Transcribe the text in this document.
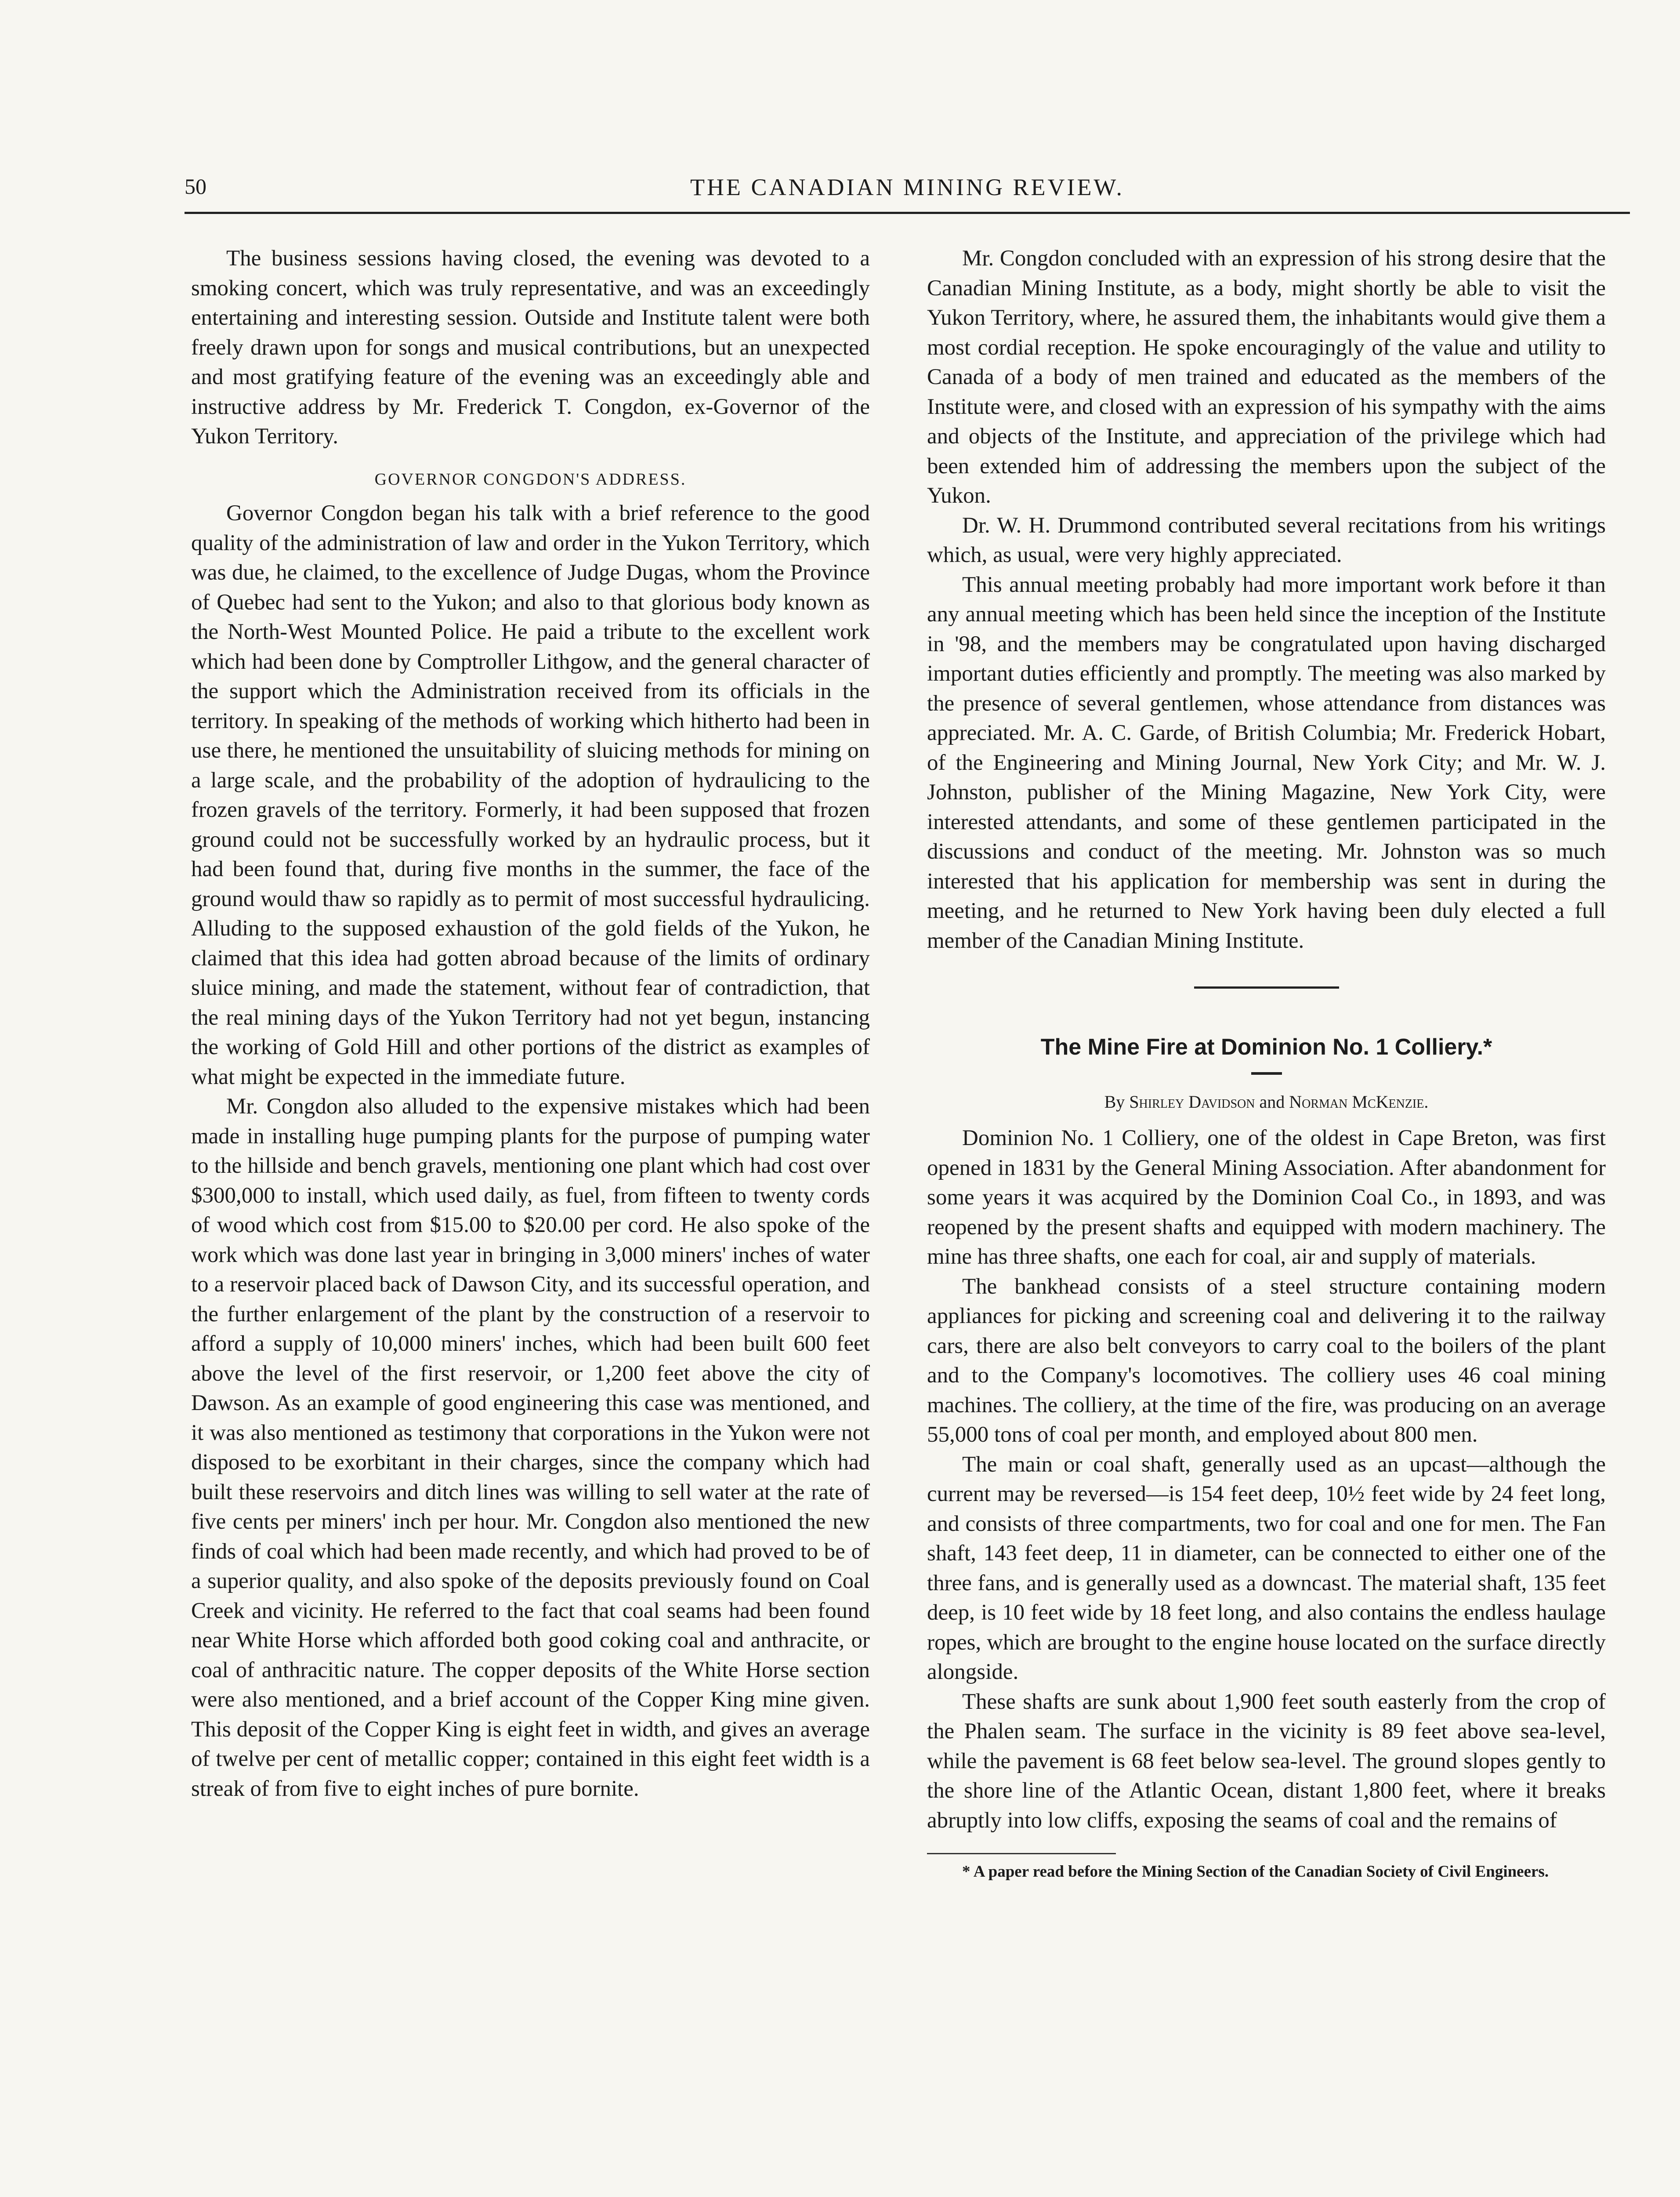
50	THE CANADIAN MINING REVIEW.

The business sessions having closed, the evening was devoted to a smoking concert, which was truly representative, and was an exceedingly entertaining and interesting session. Outside and Institute talent were both freely drawn upon for songs and musical contributions, but an unexpected and most gratifying feature of the evening was an exceedingly able and instructive address by Mr. Frederick T. Congdon, ex-Governor of the Yukon Territory.

GOVERNOR CONGDON'S ADDRESS.

Governor Congdon began his talk with a brief reference to the good quality of the administration of law and order in the Yukon Territory, which was due, he claimed, to the excellence of Judge Dugas, whom the Province of Quebec had sent to the Yukon; and also to that glorious body known as the North-West Mounted Police. He paid a tribute to the excellent work which had been done by Comptroller Lithgow, and the general character of the support which the Administration received from its officials in the territory. In speaking of the methods of working which hitherto had been in use there, he mentioned the unsuitability of sluicing methods for mining on a large scale, and the probability of the adoption of hydraulicing to the frozen gravels of the territory. Formerly, it had been supposed that frozen ground could not be successfully worked by an hydraulic process, but it had been found that, during five months in the summer, the face of the ground would thaw so rapidly as to permit of most successful hydraulicing. Alluding to the supposed exhaustion of the gold fields of the Yukon, he claimed that this idea had gotten abroad because of the limits of ordinary sluice mining, and made the statement, without fear of contradiction, that the real mining days of the Yukon Territory had not yet begun, instancing the working of Gold Hill and other portions of the district as examples of what might be expected in the immediate future.

Mr. Congdon also alluded to the expensive mistakes which had been made in installing huge pumping plants for the purpose of pumping water to the hillside and bench gravels, mentioning one plant which had cost over $300,000 to install, which used daily, as fuel, from fifteen to twenty cords of wood which cost from $15.00 to $20.00 per cord. He also spoke of the work which was done last year in bringing in 3,000 miners' inches of water to a reservoir placed back of Dawson City, and its successful operation, and the further enlargement of the plant by the construction of a reservoir to afford a supply of 10,000 miners' inches, which had been built 600 feet above the level of the first reservoir, or 1,200 feet above the city of Dawson. As an example of good engineering this case was mentioned, and it was also mentioned as testimony that corporations in the Yukon were not disposed to be exorbitant in their charges, since the company which had built these reservoirs and ditch lines was willing to sell water at the rate of five cents per miners' inch per hour. Mr. Congdon also mentioned the new finds of coal which had been made recently, and which had proved to be of a superior quality, and also spoke of the deposits previously found on Coal Creek and vicinity. He referred to the fact that coal seams had been found near White Horse which afforded both good coking coal and anthracite, or coal of anthracitic nature. The copper deposits of the White Horse section were also mentioned, and a brief account of the Copper King mine given. This deposit of the Copper King is eight feet in width, and gives an average of twelve per cent of metallic copper; contained in this eight feet width is a streak of from five to eight inches of pure bornite.

Mr. Congdon concluded with an expression of his strong desire that the Canadian Mining Institute, as a body, might shortly be able to visit the Yukon Territory, where, he assured them, the inhabitants would give them a most cordial reception. He spoke encouragingly of the value and utility to Canada of a body of men trained and educated as the members of the Institute were, and closed with an expression of his sympathy with the aims and objects of the Institute, and appreciation of the privilege which had been extended him of addressing the members upon the subject of the Yukon.

Dr. W. H. Drummond contributed several recitations from his writings which, as usual, were very highly appreciated.

This annual meeting probably had more important work before it than any annual meeting which has been held since the inception of the Institute in '98, and the members may be congratulated upon having discharged important duties efficiently and promptly. The meeting was also marked by the presence of several gentlemen, whose attendance from distances was appreciated. Mr. A. C. Garde, of British Columbia; Mr. Frederick Hobart, of the Engineering and Mining Journal, New York City; and Mr. W. J. Johnston, publisher of the Mining Magazine, New York City, were interested attendants, and some of these gentlemen participated in the discussions and conduct of the meeting. Mr. Johnston was so much interested that his application for membership was sent in during the meeting, and he returned to New York having been duly elected a full member of the Canadian Mining Institute.

The Mine Fire at Dominion No. 1 Colliery.*
By Shirley Davidson and Norman McKenzie.

Dominion No. 1 Colliery, one of the oldest in Cape Breton, was first opened in 1831 by the General Mining Association. After abandonment for some years it was acquired by the Dominion Coal Co., in 1893, and was reopened by the present shafts and equipped with modern machinery. The mine has three shafts, one each for coal, air and supply of materials.

The bankhead consists of a steel structure containing modern appliances for picking and screening coal and delivering it to the railway cars, there are also belt conveyors to carry coal to the boilers of the plant and to the Company's locomotives. The colliery uses 46 coal mining machines. The colliery, at the time of the fire, was producing on an average 55,000 tons of coal per month, and employed about 800 men.

The main or coal shaft, generally used as an upcast—although the current may be reversed—is 154 feet deep, 10½ feet wide by 24 feet long, and consists of three compartments, two for coal and one for men. The Fan shaft, 143 feet deep, 11 in diameter, can be connected to either one of the three fans, and is generally used as a downcast. The material shaft, 135 feet deep, is 10 feet wide by 18 feet long, and also contains the endless haulage ropes, which are brought to the engine house located on the surface directly alongside.

These shafts are sunk about 1,900 feet south easterly from the crop of the Phalen seam. The surface in the vicinity is 89 feet above sea-level, while the pavement is 68 feet below sea-level. The ground slopes gently to the shore line of the Atlantic Ocean, distant 1,800 feet, where it breaks abruptly into low cliffs, exposing the seams of coal and the remains of

* A paper read before the Mining Section of the Canadian Society of Civil Engineers.
